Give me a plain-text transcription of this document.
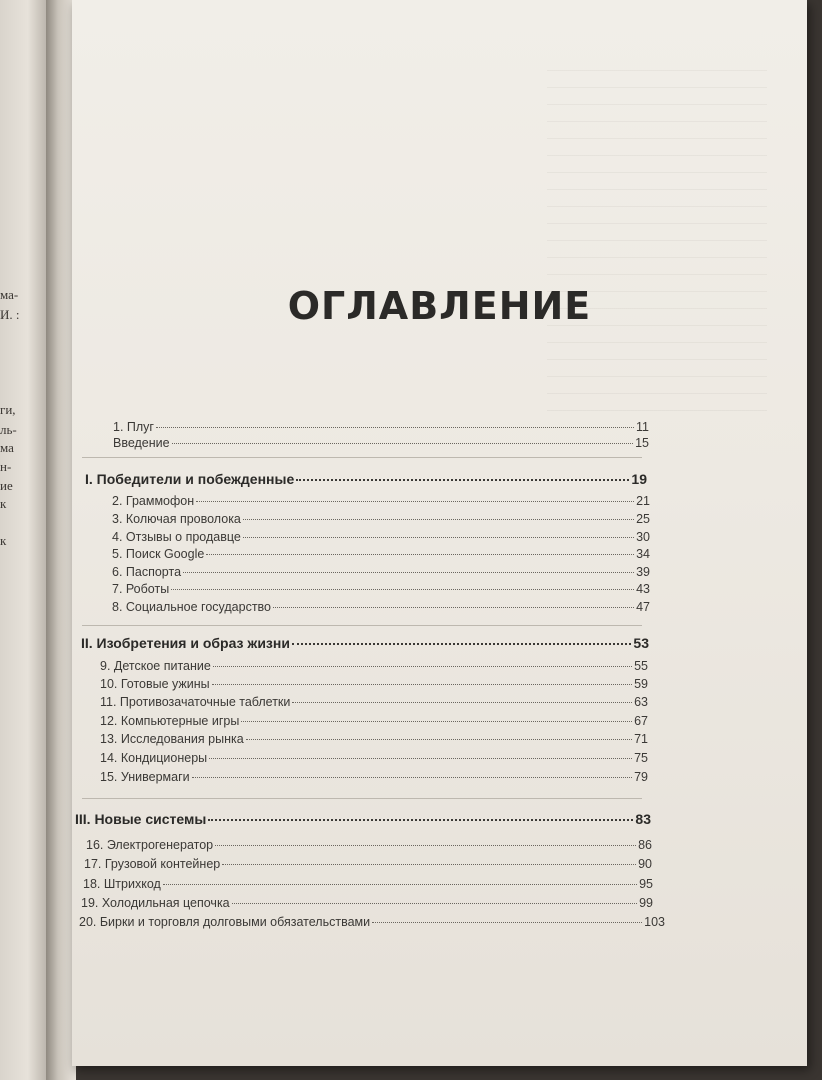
ма-
И. :
ги,
ль-
ма
н-
ие
к
к
ОГЛАВЛЕНИЕ
1. Плуг	11
Введение	15
I. Победители и побежденные	19
2. Граммофон	21
3. Колючая проволока	25
4. Отзывы о продавце	30
5. Поиск Google	34
6. Паспорта	39
7. Роботы	43
8. Социальное государство	47
II. Изобретения и образ жизни	53
9. Детское питание	55
10. Готовые ужины	59
11. Противозачаточные таблетки	63
12. Компьютерные игры	67
13. Исследования рынка	71
14. Кондиционеры	75
15. Универмаги	79
III. Новые системы	83
16. Электрогенератор	86
17. Грузовой контейнер	90
18. Штрихкод	95
19. Холодильная цепочка	99
20. Бирки и торговля долговыми обязательствами	103
